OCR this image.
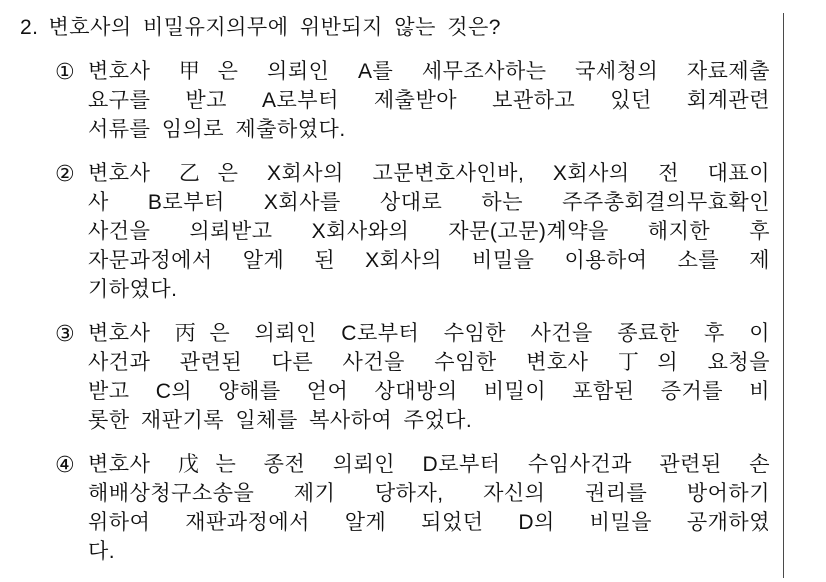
2. 변호사의 비밀유지의무에 위반되지 않는 것은?
① 변호사 甲은 의뢰인 A를 세무조사하는 국세청의 자료제출
요구를 받고 A로부터 제출받아 보관하고 있던 회계관련
서류를 임의로 제출하였다.
② 변호사 乙은 X회사의 고문변호사인바, X회사의 전 대표이
사 B로부터 X회사를 상대로 하는 주주총회결의무효확인
사건을 의뢰받고 X회사와의 자문(고문)계약을 해지한 후
자문과정에서 알게 된 X회사의 비밀을 이용하여 소를 제
기하였다.
③ 변호사 丙은 의뢰인 C로부터 수임한 사건을 종료한 후 이
사건과 관련된 다른 사건을 수임한 변호사 丁의 요청을
받고 C의 양해를 얻어 상대방의 비밀이 포함된 증거를 비
롯한 재판기록 일체를 복사하여 주었다.
④ 변호사 戊는 종전 의뢰인 D로부터 수임사건과 관련된 손
해배상청구소송을 제기 당하자, 자신의 권리를 방어하기
위하여 재판과정에서 알게 되었던 D의 비밀을 공개하였
다.
